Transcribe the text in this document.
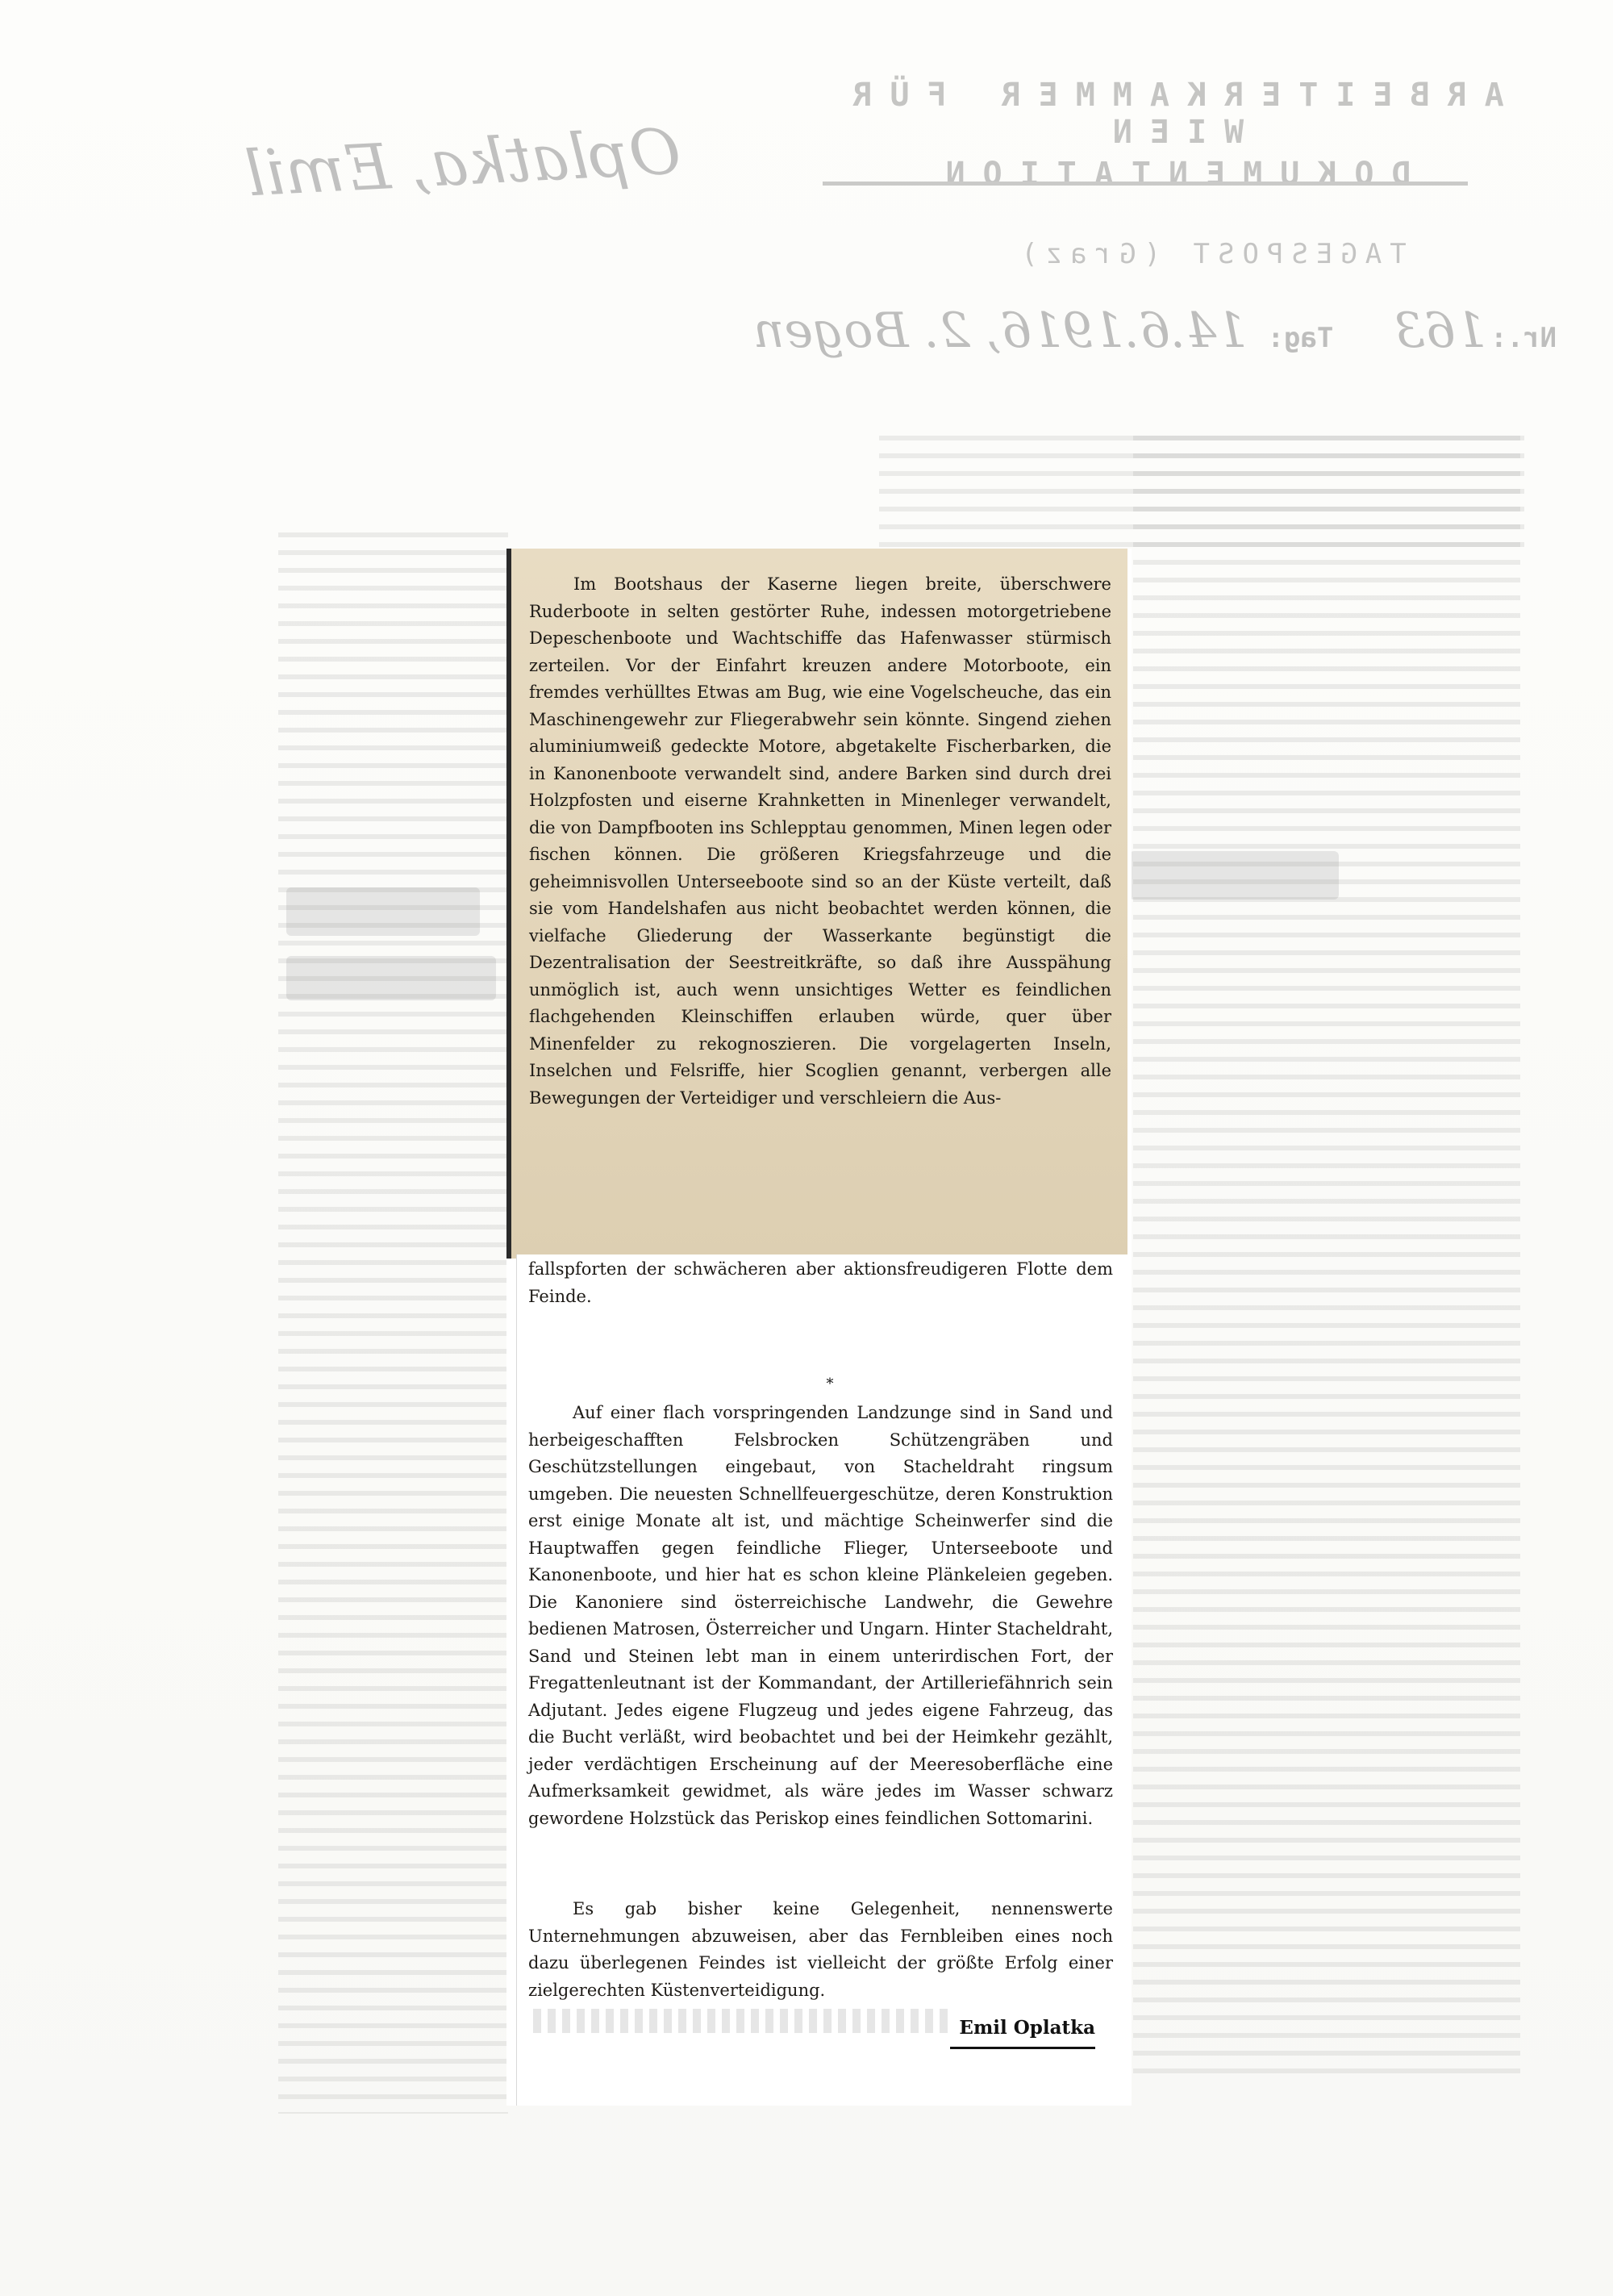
ARBEITERKAMMER FÜR WIEN
DOKUMENTATION
Oplatka, Emil
TAGESPOST (Graz)
Nr.: 163 Tag: 14.6.1916, 2. Bogen

Im Bootshaus der Kaserne liegen breite, überschwere Ruderboote in selten gestörter Ruhe, indessen motorgetriebene Depeschenboote und Wachtschiffe das Hafenwasser stürmisch zerteilen. Vor der Einfahrt kreuzen andere Motorboote, ein fremdes verhülltes Etwas am Bug, wie eine Vogelscheuche, das ein Maschinengewehr zur Fliegerabwehr sein könnte. Singend ziehen aluminiumweiß gedeckte Motore, abgetakelte Fischerbarken, die in Kanonenboote verwandelt sind, andere Barken sind durch drei Holzpfosten und eiserne Krahnketten in Minenleger verwandelt, die von Dampfbooten ins Schlepptau genommen, Minen legen oder fischen können. Die größeren Kriegsfahrzeuge und die geheimnisvollen Unterseeboote sind so an der Küste verteilt, daß sie vom Handelshafen aus nicht beobachtet werden können, die vielfache Gliederung der Wasserkante begünstigt die Dezentralisation der Seestreitkräfte, so daß ihre Ausspähung unmöglich ist, auch wenn unsichtiges Wetter es feindlichen flachgehenden Kleinschiffen erlauben würde, quer über Minenfelder zu rekognoszieren. Die vorgelagerten Inseln, Inselchen und Felsriffe, hier Scoglien genannt, verbergen alle Bewegungen der Verteidiger und verschleiern die Aus-

fallspforten der schwächeren aber aktionsfreudigeren Flotte dem Feinde.

*

Auf einer flach vorspringenden Landzunge sind in Sand und herbeigeschafften Felsbrocken Schützengräben und Geschützstellungen eingebaut, von Stacheldraht ringsum umgeben. Die neuesten Schnellfeuergeschütze, deren Konstruktion erst einige Monate alt ist, und mächtige Scheinwerfer sind die Hauptwaffen gegen feindliche Flieger, Unterseeboote und Kanonenboote, und hier hat es schon kleine Plänkeleien gegeben. Die Kanoniere sind österreichische Landwehr, die Gewehre bedienen Matrosen, Österreicher und Ungarn. Hinter Stacheldraht, Sand und Steinen lebt man in einem unterirdischen Fort, der Fregattenleutnant ist der Kommandant, der Artilleriefähnrich sein Adjutant. Jedes eigene Flugzeug und jedes eigene Fahrzeug, das die Bucht verläßt, wird beobachtet und bei der Heimkehr gezählt, jeder verdächtigen Erscheinung auf der Meeresoberfläche eine Aufmerksamkeit gewidmet, als wäre jedes im Wasser schwarz gewordene Holzstück das Periskop eines feindlichen Sottomarini.

Es gab bisher keine Gelegenheit, nennenswerte Unternehmungen abzuweisen, aber das Fernbleiben eines noch dazu überlegenen Feindes ist vielleicht der größte Erfolg einer zielgerechten Küstenverteidigung.

Emil Oplatka
